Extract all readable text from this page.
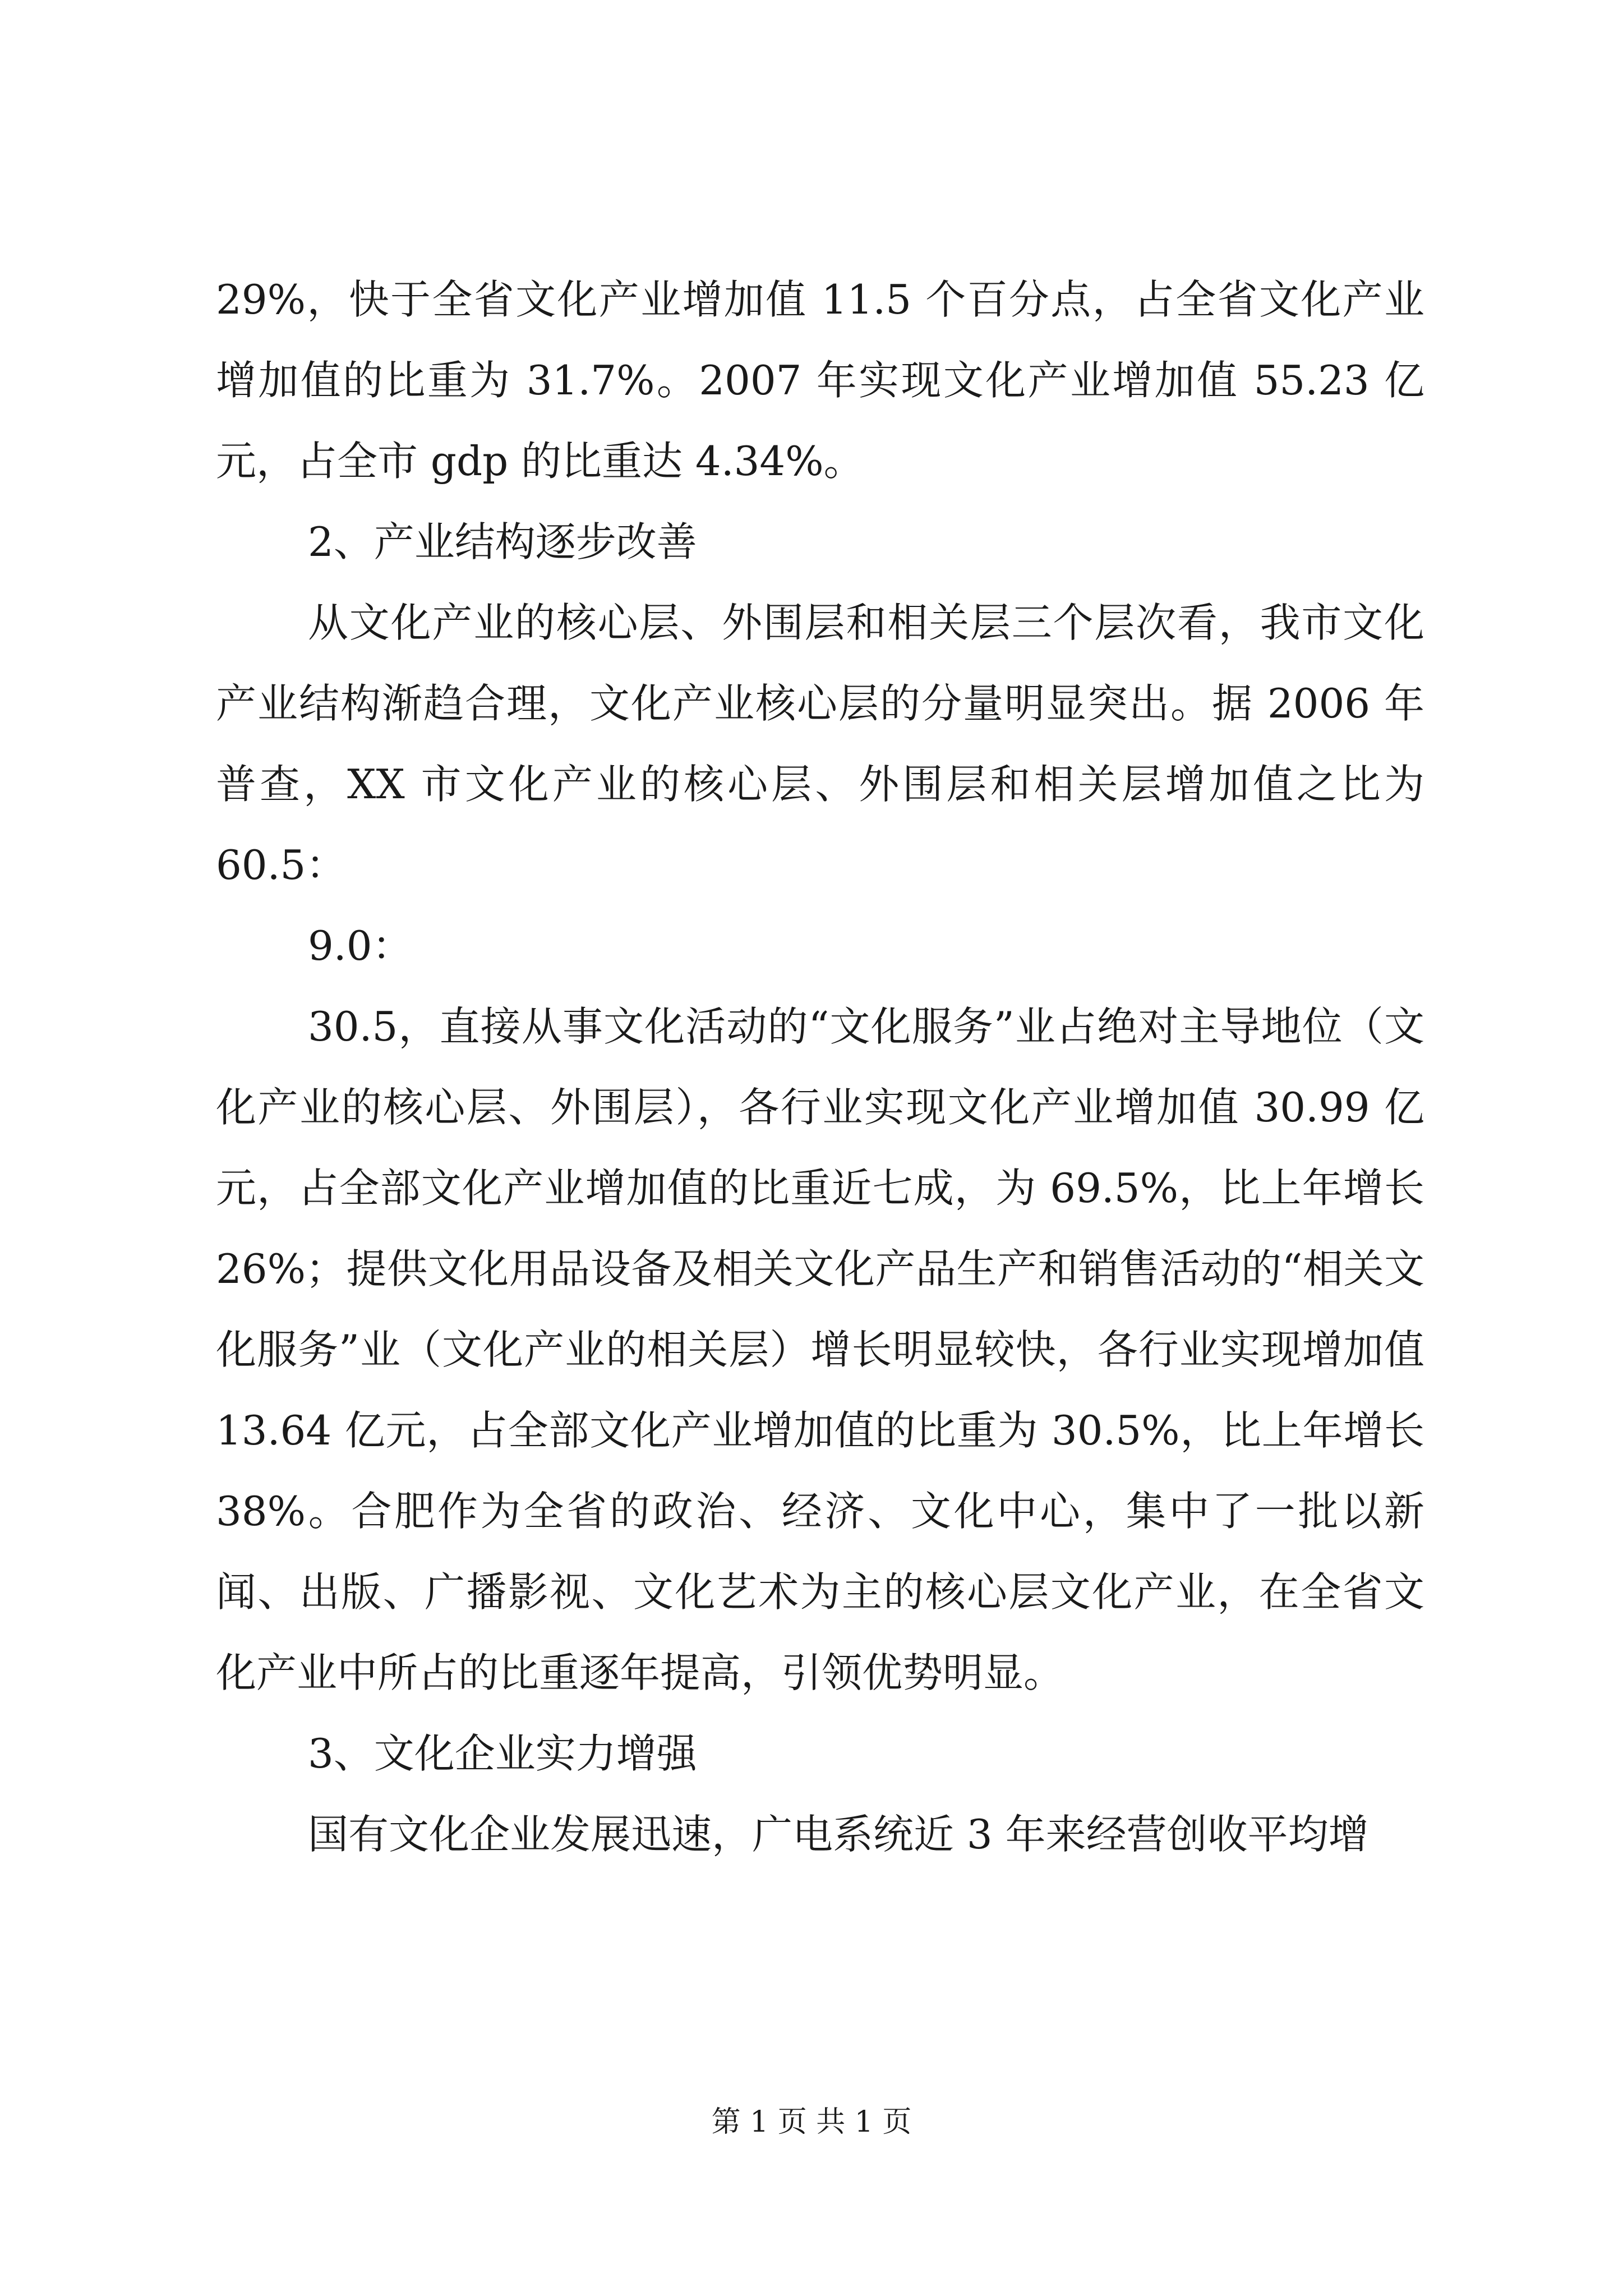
29%，快于全省文化产业增加值 11.5 个百分点，占全省文化产业增加值的比重为 31.7%。2007 年实现文化产业增加值 55.23 亿元，占全市 gdp 的比重达 4.34%。

2、产业结构逐步改善

从文化产业的核心层、外围层和相关层三个层次看，我市文化产业结构渐趋合理，文化产业核心层的分量明显突出。据 2006 年普查，XX 市文化产业的核心层、外围层和相关层增加值之比为 60.5：

9.0：

30.5，直接从事文化活动的“文化服务”业占绝对主导地位（文化产业的核心层、外围层），各行业实现文化产业增加值 30.99 亿元，占全部文化产业增加值的比重近七成，为 69.5%，比上年增长 26%；提供文化用品设备及相关文化产品生产和销售活动的“相关文化服务”业（文化产业的相关层）增长明显较快，各行业实现增加值 13.64 亿元，占全部文化产业增加值的比重为 30.5%，比上年增长 38%。合肥作为全省的政治、经济、文化中心，集中了一批以新闻、出版、广播影视、文化艺术为主的核心层文化产业，在全省文化产业中所占的比重逐年提高，引领优势明显。

3、文化企业实力增强

国有文化企业发展迅速，广电系统近 3 年来经营创收平均增

第 1 页 共 1 页
